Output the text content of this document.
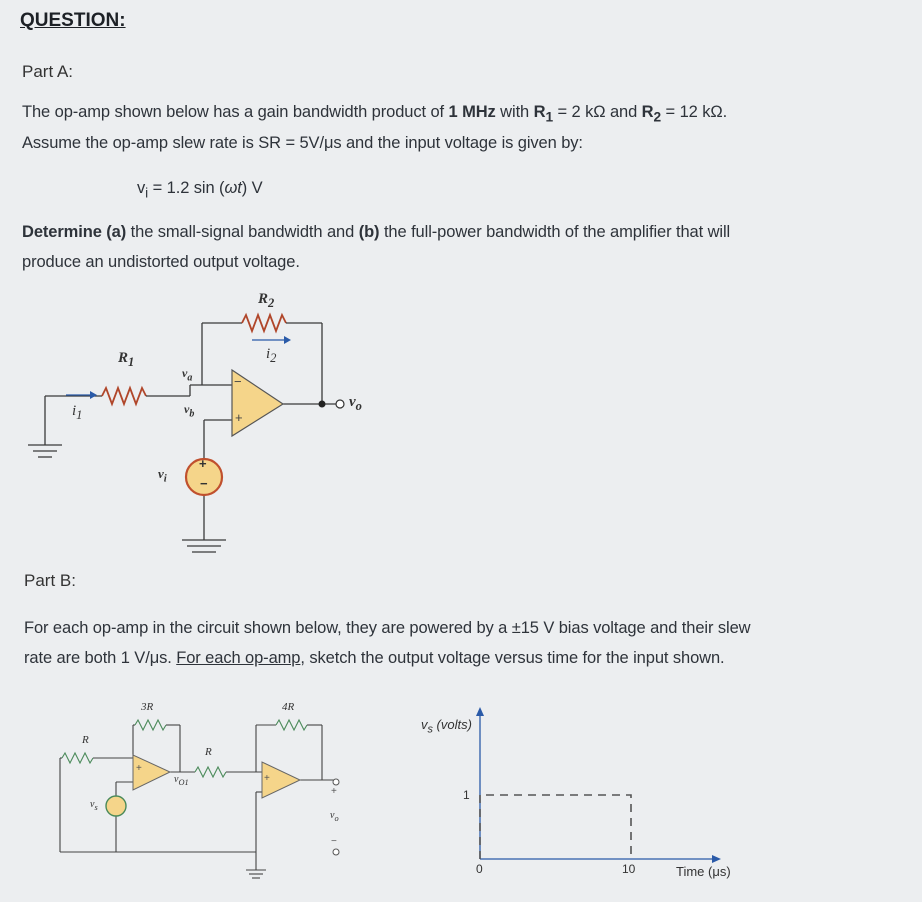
QUESTION:
Part A:
The op-amp shown below has a gain bandwidth product of 1 MHz with $R_1 = 2$ kΩ and $R_2 = 12$ kΩ.
Assume the op-amp slew rate is SR = 5V/μs and the input voltage is given by:
$v_i = 1.2$ sin (ωt) V
Determine (a) the small-signal bandwidth and (b) the full-power bandwidth of the amplifier that will
produce an undistorted output voltage.
$R_1$
$R_2$
$i_1$
$i_2$
$v_a$
$v_b$
$v_i$
$v_o$
−
+
+
−
Part B:
For each op-amp in the circuit shown below, they are powered by a ±15 V bias voltage and their slew
rate are both 1 V/μs. For each op-amp, sketch the output voltage versus time for the input shown.
R
3R
R
4R
$v_{O1}$
$v_s$
$v_o$
+
+
+
−
$v_s$ (volts)
1
0	10	Time (μs)
